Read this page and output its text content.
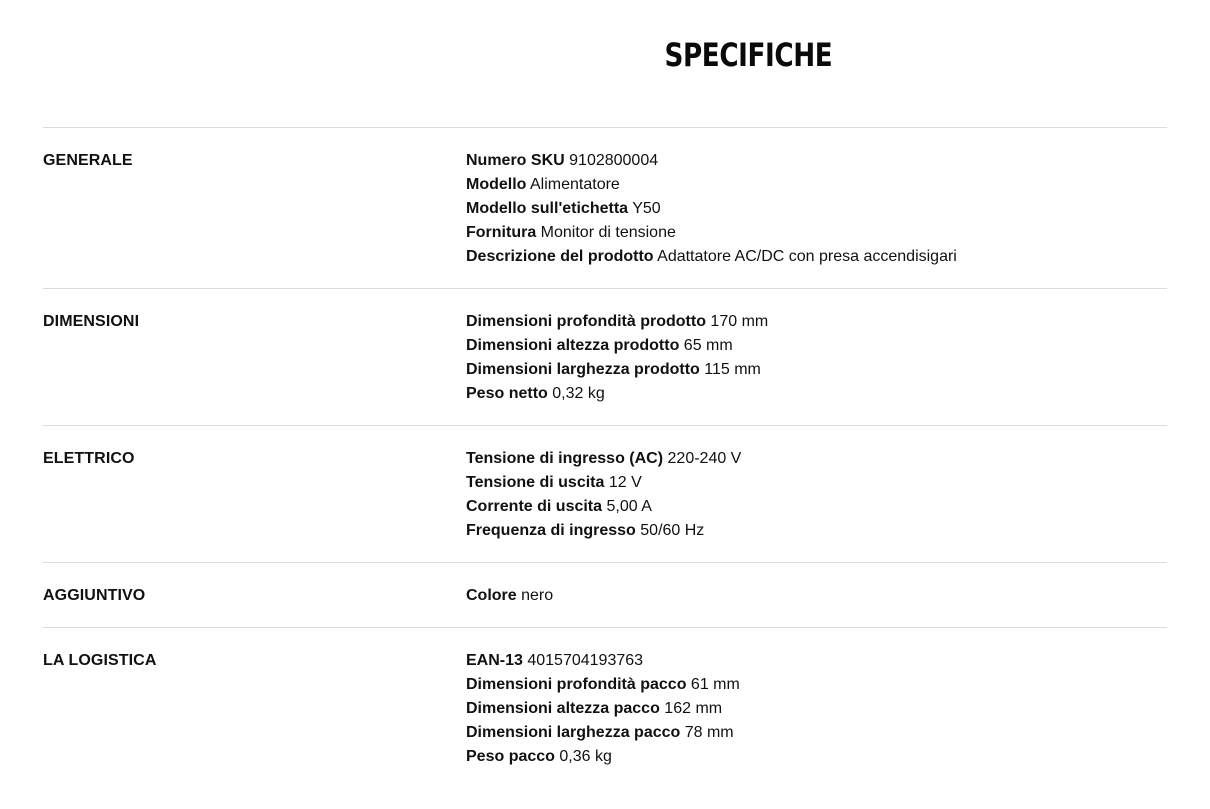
SPECIFICHE
GENERALE	Numero SKU 9102800004
Modello Alimentatore
Modello sull'etichetta Y50
Fornitura Monitor di tensione
Descrizione del prodotto Adattatore AC/DC con presa accendisigari
DIMENSIONI	Dimensioni profondità prodotto 170 mm
Dimensioni altezza prodotto 65 mm
Dimensioni larghezza prodotto 115 mm
Peso netto 0,32 kg
ELETTRICO	Tensione di ingresso (AC) 220-240 V
Tensione di uscita 12 V
Corrente di uscita 5,00 A
Frequenza di ingresso 50/60 Hz
AGGIUNTIVO	Colore nero
LA LOGISTICA	EAN-13 4015704193763
Dimensioni profondità pacco 61 mm
Dimensioni altezza pacco 162 mm
Dimensioni larghezza pacco 78 mm
Peso pacco 0,36 kg
